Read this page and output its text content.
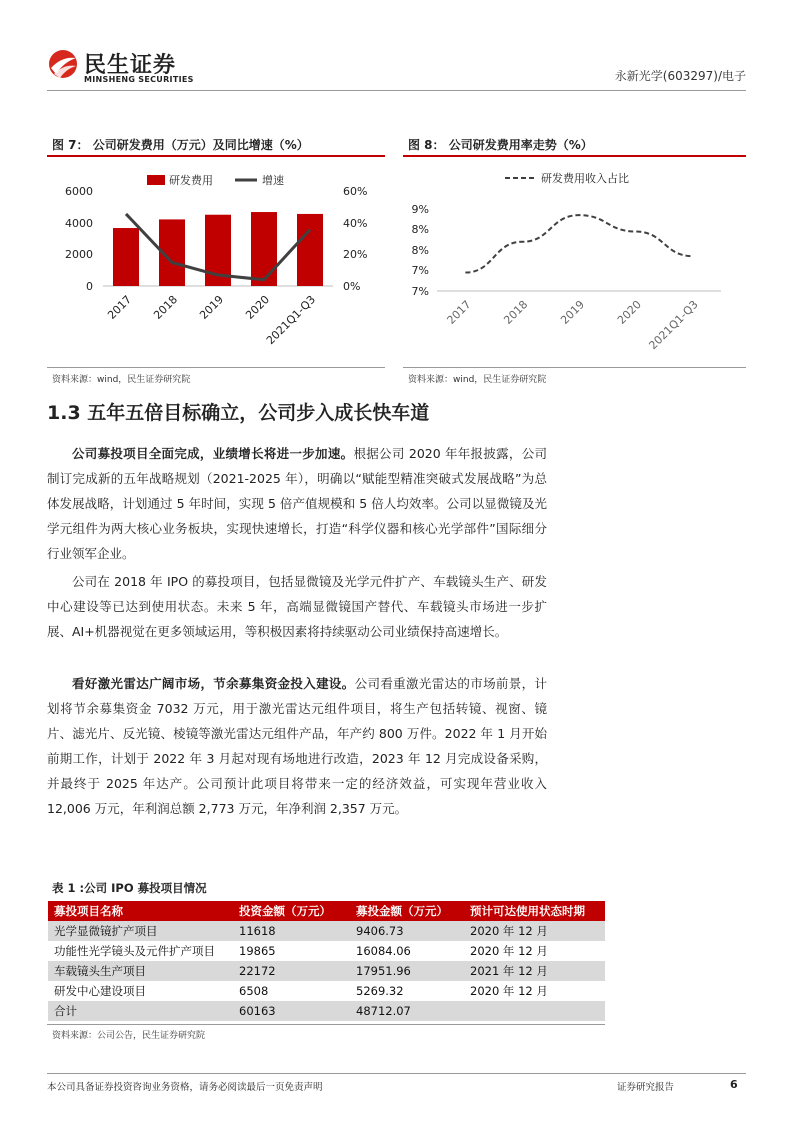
民生证券
MINSHENG SECURITIES	永新光学(603297)/电子
图 7： 公司研发费用（万元）及同比增速（%）
研发费用	增速
0
2000
4000
6000
0%
20%
40%
60%
2017 2018 2019 2020
2021Q1-Q3
资料来源：wind，民生证券研究院
图 8： 公司研发费用率走势（%）
研发费用收入占比
7%
7%
8%
8%
9%
2017	2018	2019	2020 2021Q1-Q3
资料来源：wind，民生证券研究院
1.3 五年五倍目标确立，公司步入成长快车道

公司募投项目全面完成，业绩增长将进一步加速。根据公司 2020 年年报披露，公司制订完成新的五年战略规划（2021-2025 年），明确以“赋能型精准突破式发展战略”为总体发展战略，计划通过 5 年时间，实现 5 倍产值规模和 5 倍人均效率。公司以显微镜及光学元组件为两大核心业务板块，实现快速增长，打造“科学仪器和核心光学部件”国际细分行业领军企业。

公司在 2018 年 IPO 的募投项目，包括显微镜及光学元件扩产、车载镜头生产、研发中心建设等已达到使用状态。未来 5 年，高端显微镜国产替代、车载镜头市场进一步扩展、AI+机器视觉在更多领域运用，等积极因素将持续驱动公司业绩保持高速增长。

看好激光雷达广阔市场，节余募集资金投入建设。公司看重激光雷达的市场前景，计划将节余募集资金 7032 万元，用于激光雷达元组件项目，将生产包括转镜、视窗、镜片、滤光片、反光镜、棱镜等激光雷达元组件产品，年产约 800 万件。2022 年 1 月开始前期工作，计划于 2022 年 3 月起对现有场地进行改造，2023 年 12 月完成设备采购，并最终于 2025 年达产。公司预计此项目将带来一定的经济效益，可实现年营业收入 12,006 万元，年利润总额 2,773 万元，年净利润 2,357 万元。

表 1 :公司 IPO 募投项目情况
募投项目名称	投资金额（万元）	募投金额（万元）	预计可达使用状态时期
光学显微镜扩产项目	11618	9406.73	2020 年 12 月
功能性光学镜头及元件扩产项目	19865	16084.06	2020 年 12 月
车载镜头生产项目	22172	17951.96	2021 年 12 月
研发中心建设项目	6508	5269.32	2020 年 12 月
合计	60163	48712.07	
资料来源：公司公告，民生证券研究院
本公司具备证券投资咨询业务资格，请务必阅读最后一页免责声明	证券研究报告	6
